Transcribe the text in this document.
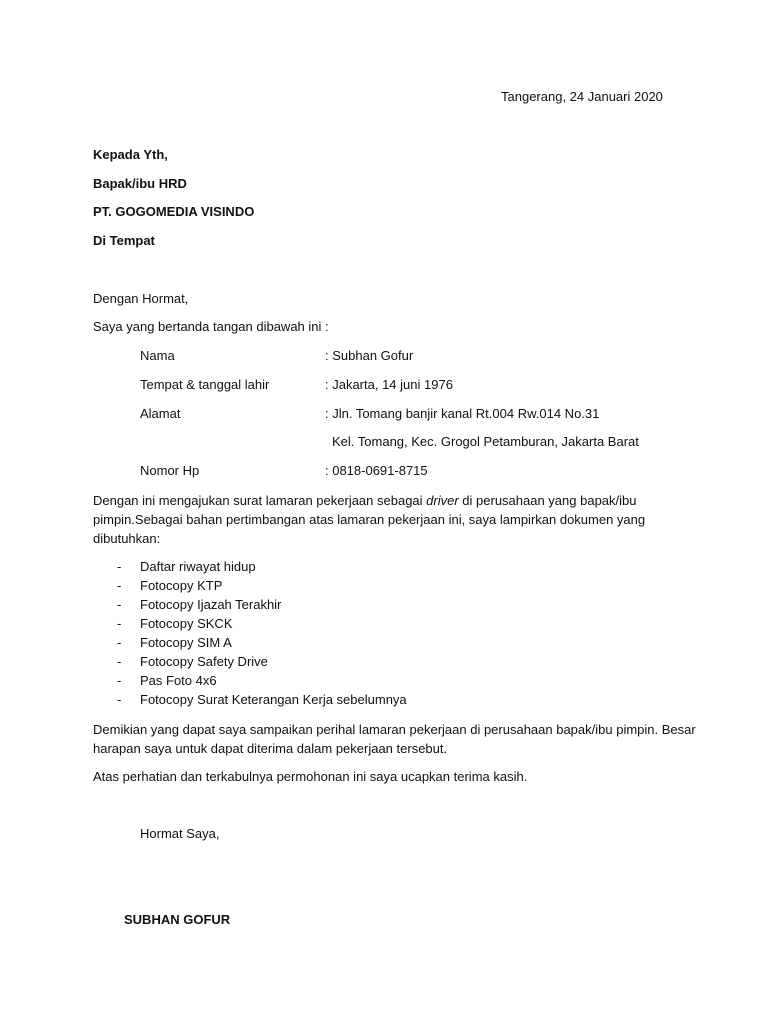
Tangerang, 24 Januari 2020
Kepada Yth,
Bapak/ibu HRD
PT. GOGOMEDIA VISINDO
Di Tempat
Dengan Hormat,
Saya yang bertanda tangan dibawah ini :
Nama	: Subhan Gofur
Tempat & tanggal lahir	: Jakarta, 14 juni 1976
Alamat	: Jln. Tomang banjir kanal Rt.004 Rw.014 No.31
Kel. Tomang, Kec. Grogol Petamburan, Jakarta Barat
Nomor Hp	: 0818-0691-8715
Dengan ini mengajukan surat lamaran pekerjaan sebagai driver di perusahaan yang bapak/ibu pimpin.Sebagai bahan pertimbangan atas lamaran pekerjaan ini, saya lampirkan dokumen yang dibutuhkan:
- Daftar riwayat hidup
- Fotocopy KTP
- Fotocopy Ijazah Terakhir
- Fotocopy SKCK
- Fotocopy SIM A
- Fotocopy Safety Drive
- Pas Foto 4x6
- Fotocopy Surat Keterangan Kerja sebelumnya
Demikian yang dapat saya sampaikan perihal lamaran pekerjaan di perusahaan bapak/ibu pimpin. Besar harapan saya untuk dapat diterima dalam pekerjaan tersebut.
Atas perhatian dan terkabulnya permohonan ini saya ucapkan terima kasih.
Hormat Saya,
SUBHAN GOFUR
